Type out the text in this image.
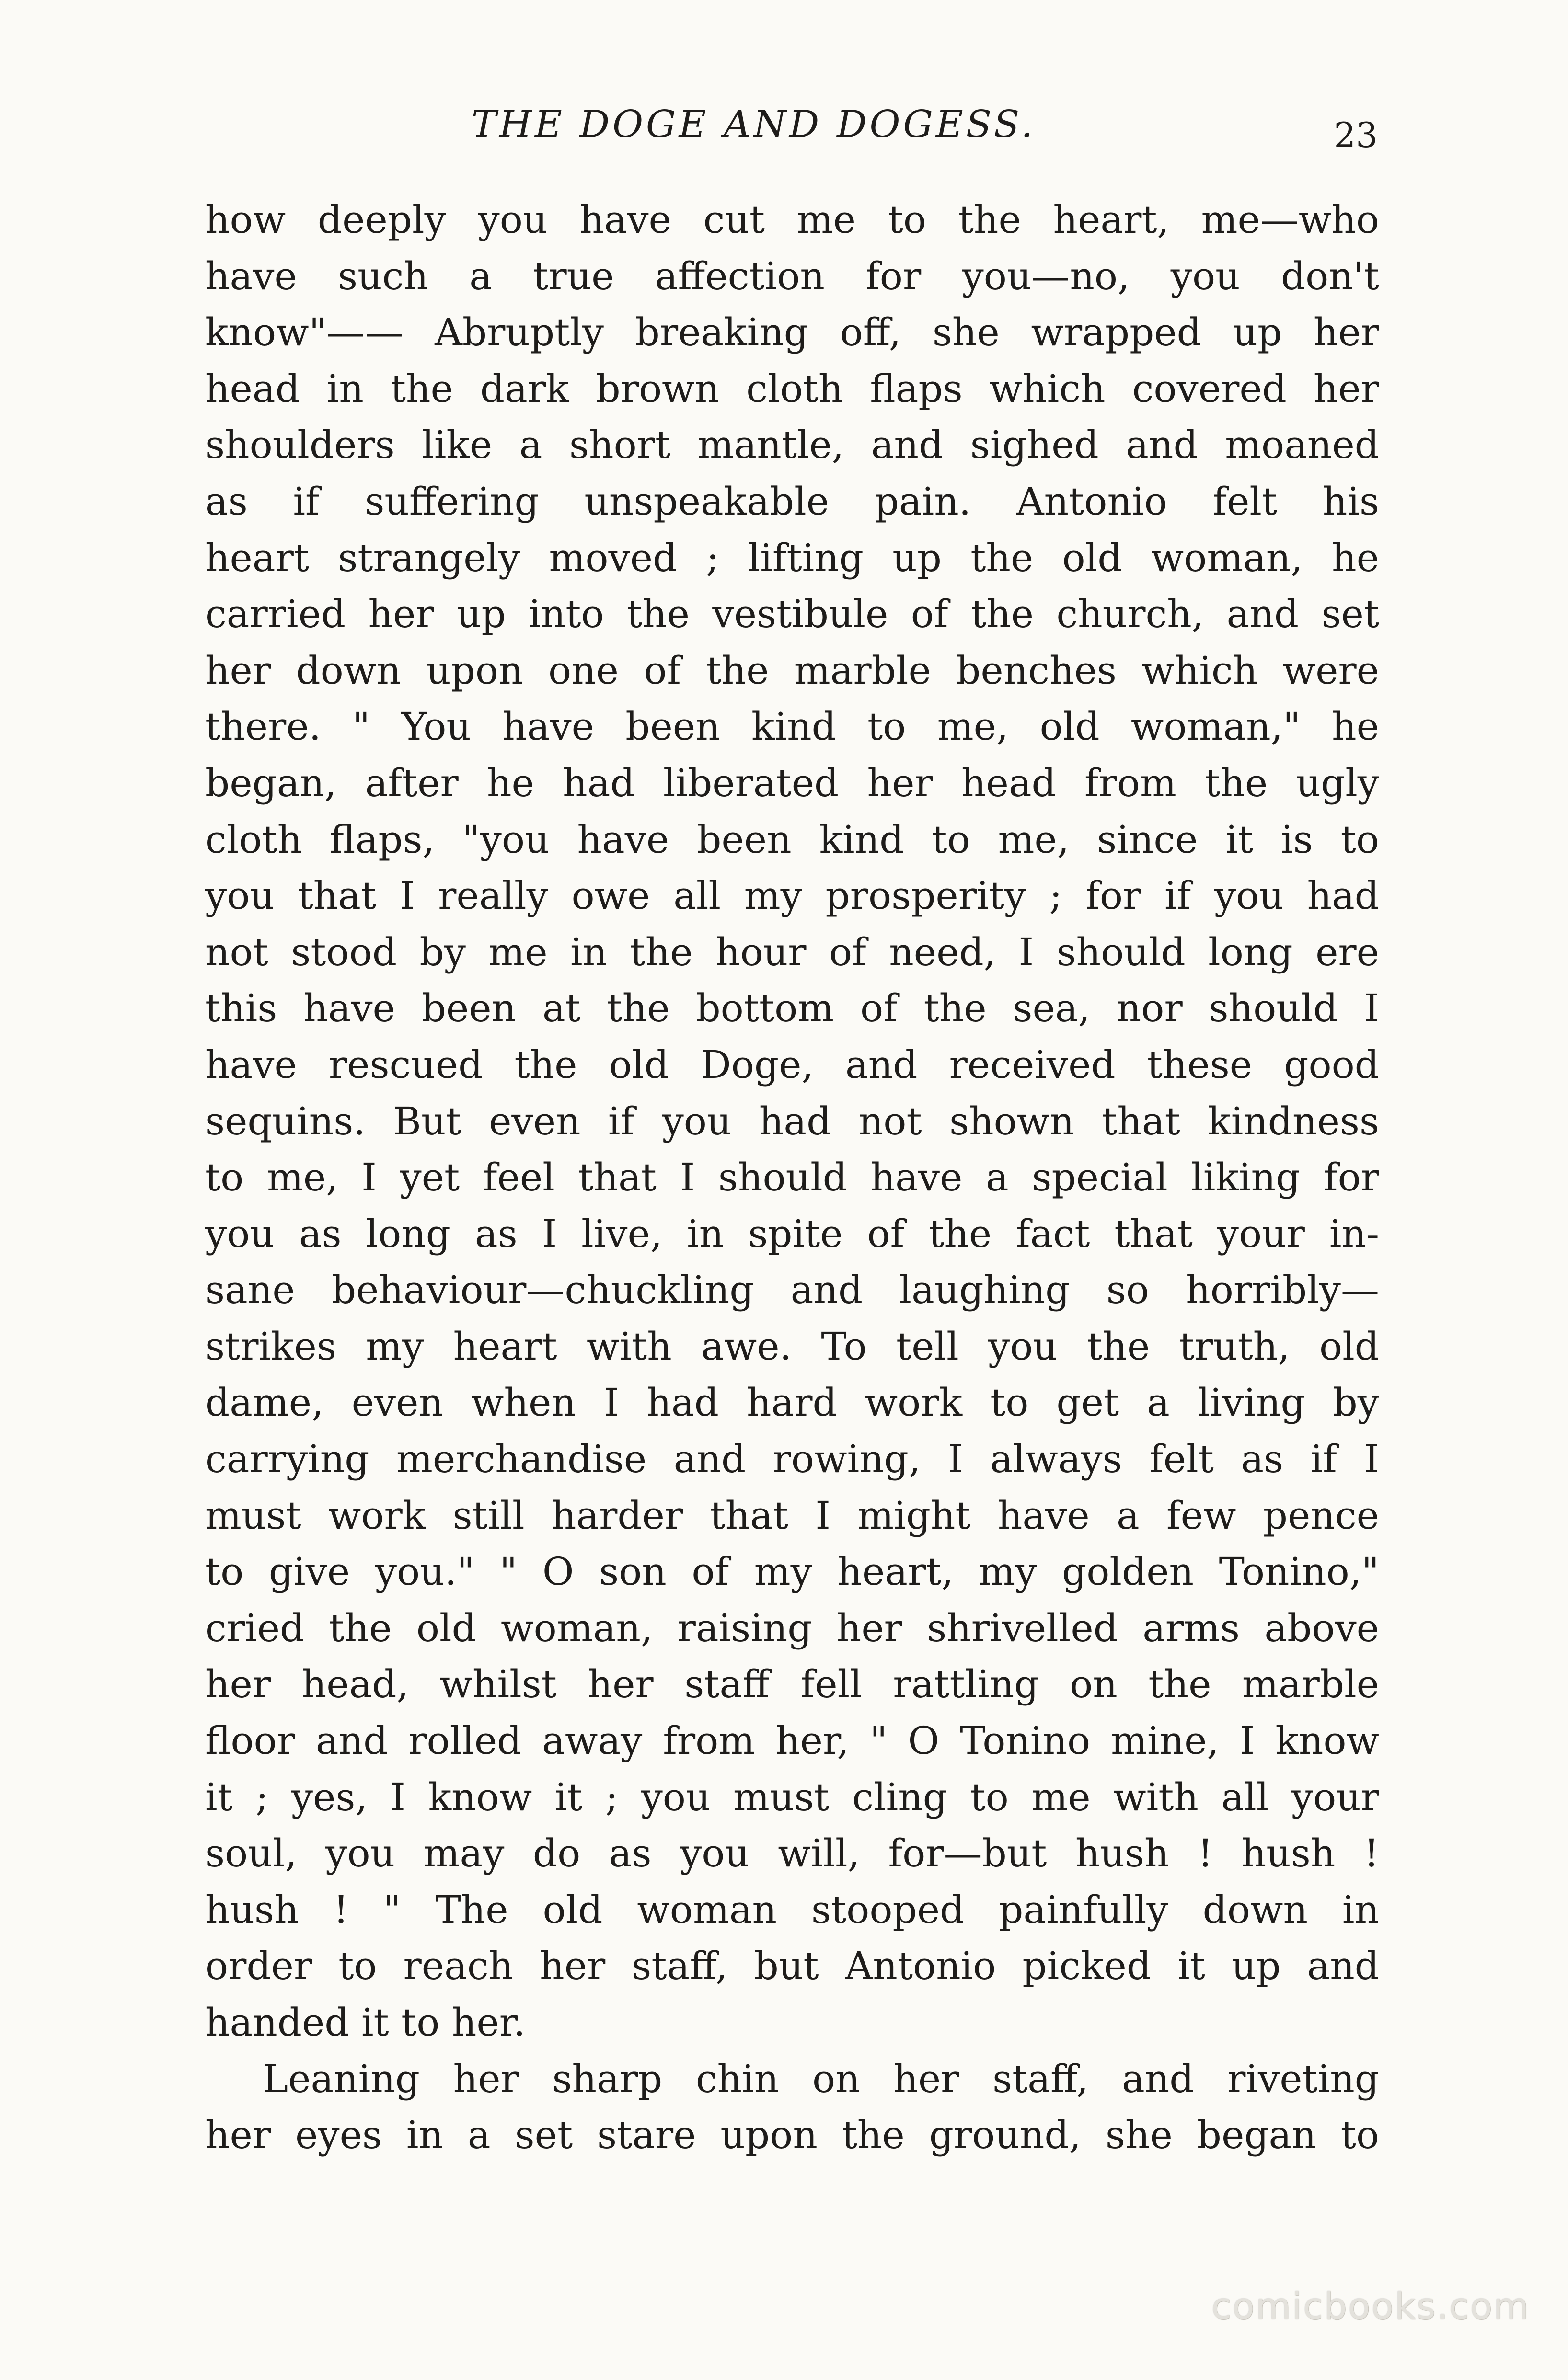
THE DOGE AND DOGESS.	23
how deeply you have cut me to the heart, me—who
have such a true affection for you—no, you don't
know"—— Abruptly breaking off, she wrapped up her
head in the dark brown cloth flaps which covered her
shoulders like a short mantle, and sighed and moaned
as if suffering unspeakable pain. Antonio felt his
heart strangely moved ; lifting up the old woman, he
carried her up into the vestibule of the church, and set
her down upon one of the marble benches which were
there. " You have been kind to me, old woman," he
began, after he had liberated her head from the ugly
cloth flaps, "you have been kind to me, since it is to
you that I really owe all my prosperity ; for if you had
not stood by me in the hour of need, I should long ere
this have been at the bottom of the sea, nor should I
have rescued the old Doge, and received these good
sequins. But even if you had not shown that kindness
to me, I yet feel that I should have a special liking for
you as long as I live, in spite of the fact that your in-
sane behaviour—chuckling and laughing so horribly—
strikes my heart with awe. To tell you the truth, old
dame, even when I had hard work to get a living by
carrying merchandise and rowing, I always felt as if I
must work still harder that I might have a few pence
to give you." " O son of my heart, my golden Tonino,"
cried the old woman, raising her shrivelled arms above
her head, whilst her staff fell rattling on the marble
floor and rolled away from her, " O Tonino mine, I know
it ; yes, I know it ; you must cling to me with all your
soul, you may do as you will, for—but hush ! hush !
hush ! " The old woman stooped painfully down in
order to reach her staff, but Antonio picked it up and
handed it to her.
Leaning her sharp chin on her staff, and riveting
her eyes in a set stare upon the ground, she began to
comicbooks.com
